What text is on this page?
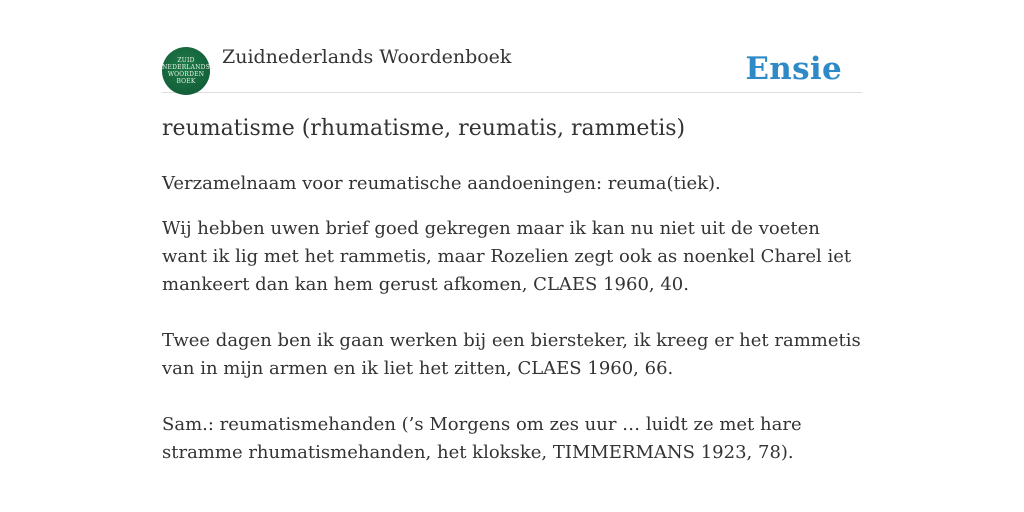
ZUID
NEDERLANDS
WOORDEN
BOEK
Zuidnederlands Woordenboek	Ensie
reumatisme (rhumatisme, reumatis, rammetis)

Verzamelnaam voor reumatische aandoeningen: reuma(tiek).

Wij hebben uwen brief goed gekregen maar ik kan nu niet uit de voeten want ik lig met het rammetis, maar Rozelien zegt ook as noenkel Charel iet mankeert dan kan hem gerust afkomen, CLAES 1960, 40.

Twee dagen ben ik gaan werken bij een biersteker, ik kreeg er het rammetis van in mijn armen en ik liet het zitten, CLAES 1960, 66.

Sam.: reumatismehanden (’s Morgens om zes uur … luidt ze met hare stramme rhumatismehanden, het klokske, TIMMERMANS 1923, 78).
